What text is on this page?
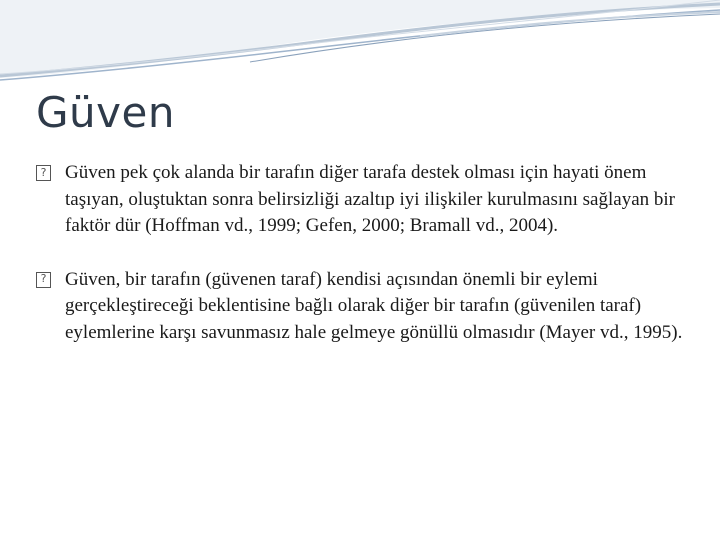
Güven
? Güven pek çok alanda bir tarafın diğer tarafa destek olması için hayati önem taşıyan, oluştuktan sonra belirsizliği azaltıp iyi ilişkiler kurulmasını sağlayan bir faktör dür (Hoffman vd., 1999; Gefen, 2000; Bramall vd., 2004).
? Güven, bir tarafın (güvenen taraf) kendisi açısından önemli bir eylemi gerçekleştireceği beklentisine bağlı olarak diğer bir tarafın (güvenilen taraf) eylemlerine karşı savunmasız hale gelmeye gönüllü olmasıdır (Mayer vd., 1995).
